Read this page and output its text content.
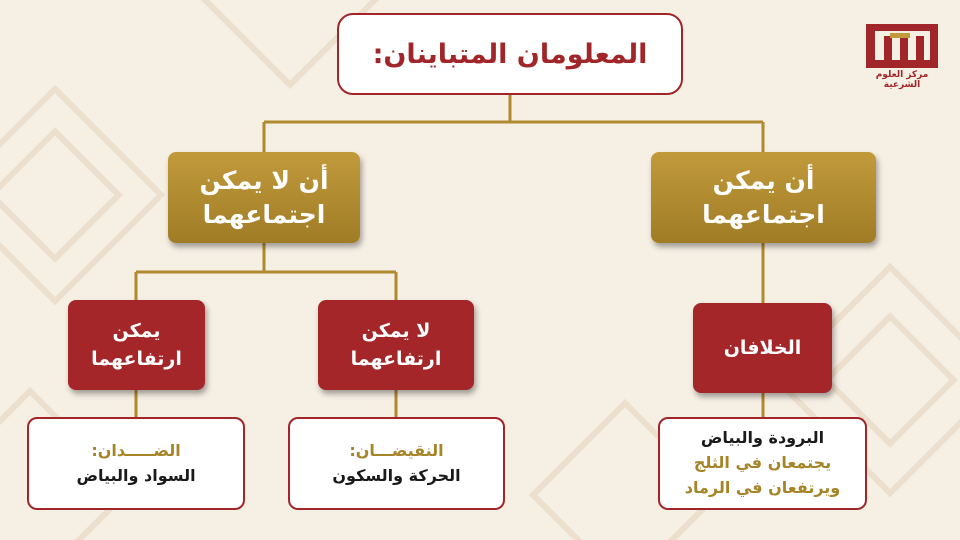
مركز العلوم الشرعية
المعلومان المتباينان:
أن لا يمكن اجتماعهما
أن يمكن اجتماعهما
يمكن ارتفاعهما
لا يمكن ارتفاعهما
الخلافان
الضـــــدان:
السواد والبياض
النقيضـــان:
الحركة والسكون
البرودة والبياض
يجتمعان في الثلج
ويرتفعان في الرماد
